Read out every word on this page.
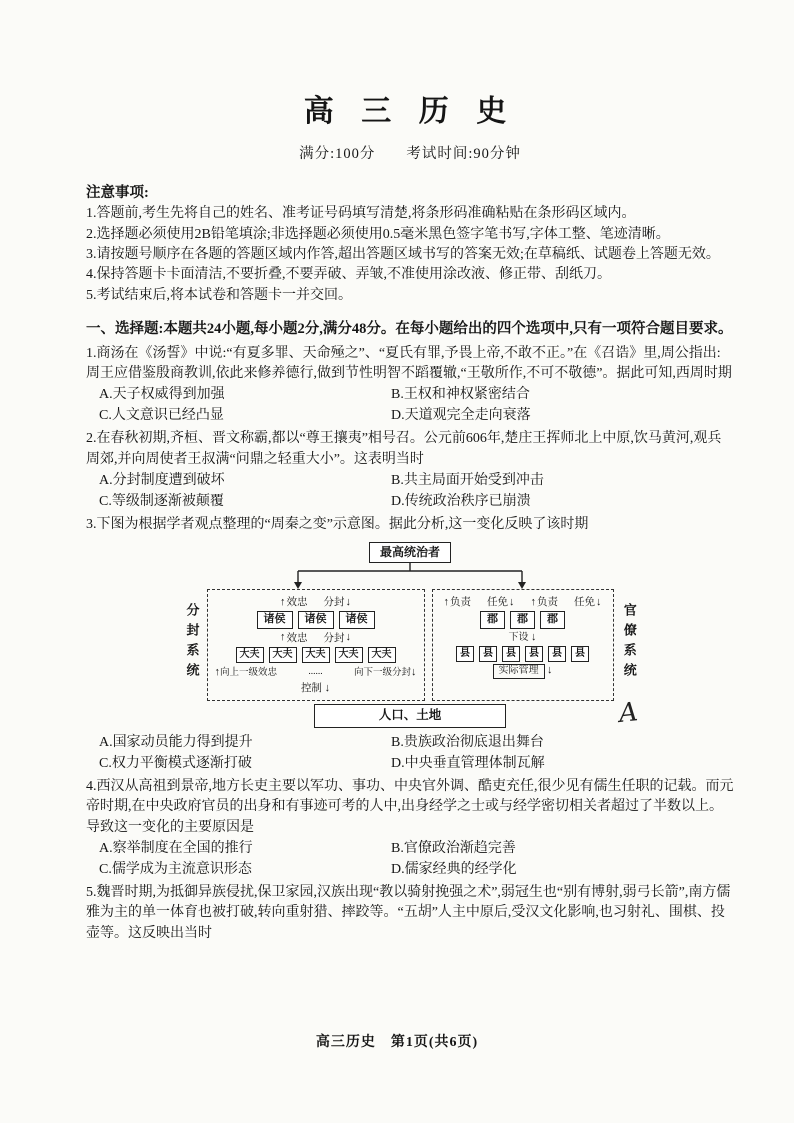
高 三 历 史
满分:100分　　考试时间:90分钟
注意事项:
1.答题前,考生先将自己的姓名、准考证号码填写清楚,将条形码准确粘贴在条形码区域内。
2.选择题必须使用2B铅笔填涂;非选择题必须使用0.5毫米黑色签字笔书写,字体工整、笔迹清晰。
3.请按题号顺序在各题的答题区域内作答,超出答题区域书写的答案无效;在草稿纸、试题卷上答题无效。
4.保持答题卡卡面清洁,不要折叠,不要弄破、弄皱,不准使用涂改液、修正带、刮纸刀。
5.考试结束后,将本试卷和答题卡一并交回。
一、选择题:本题共24小题,每小题2分,满分48分。在每小题给出的四个选项中,只有一项符合题目要求。
1.商汤在《汤誓》中说:“有夏多罪、天命殛之”、“夏氏有罪,予畏上帝,不敢不正。”在《召诰》里,周公指出:周王应借鉴殷商教训,依此来修养德行,做到节性明智不蹈覆辙,“王敬所作,不可不敬德”。据此可知,西周时期
A.天子权威得到加强	B.王权和神权紧密结合
C.人文意识已经凸显	D.天道观完全走向衰落
2.在春秋初期,齐桓、晋文称霸,都以“尊王攘夷”相号召。公元前606年,楚庄王挥师北上中原,饮马黄河,观兵周郊,并向周使者王叔满“问鼎之轻重大小”。这表明当时
A.分封制度遭到破坏	B.共主局面开始受到冲击
C.等级制逐渐被颠覆	D.传统政治秩序已崩溃
3.下图为根据学者观点整理的“周秦之变”示意图。据此分析,这一变化反映了该时期
最高统治者
分封系统
↑ 效忠 分封 ↓
诸侯	诸侯	诸侯
↑ 效忠 分封 ↓
大夫	大夫	大夫	大夫	大夫
↑向上一级效忠	......	向下一级分封↓
控制 ↓
↑ 负责 任免 ↓ ↑ 负责 任免 ↓
郡	郡	郡
下设 ↓
县	县	县	县	县	县
实际管理 ↓	官僚系统
人口、土地	A
A.国家动员能力得到提升	B.贵族政治彻底退出舞台
C.权力平衡模式逐渐打破	D.中央垂直管理体制瓦解
4.西汉从高祖到景帝,地方长吏主要以军功、事功、中央官外调、酷吏充任,很少见有儒生任职的记载。而元帝时期,在中央政府官员的出身和有事迹可考的人中,出身经学之士或与经学密切相关者超过了半数以上。导致这一变化的主要原因是
A.察举制度在全国的推行	B.官僚政治渐趋完善
C.儒学成为主流意识形态	D.儒家经典的经学化
5.魏晋时期,为抵御异族侵扰,保卫家园,汉族出现“教以骑射挽强之术”,弱冠生也“别有博射,弱弓长箭”,南方儒雅为主的单一体育也被打破,转向重射猎、摔跤等。“五胡”人主中原后,受汉文化影响,也习射礼、围棋、投壶等。这反映出当时
高三历史　第1页(共6页)
